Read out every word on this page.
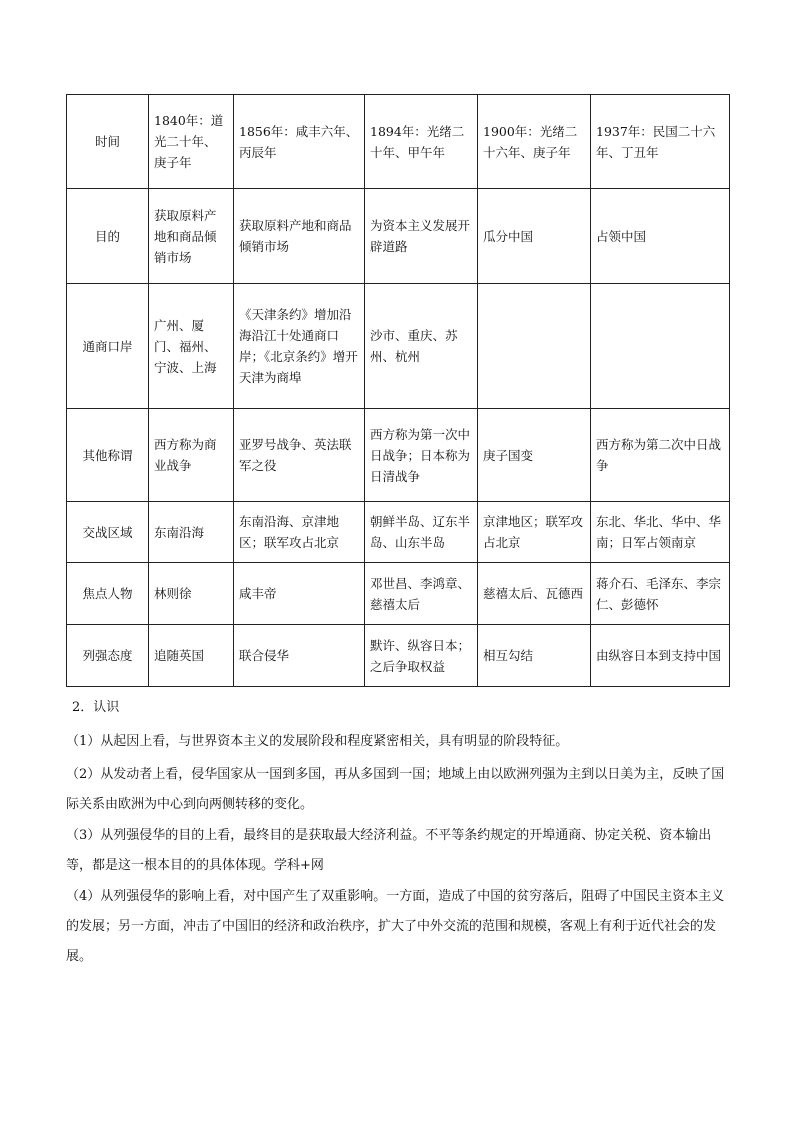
时间	1840年：道光二十年、庚子年	1856年：咸丰六年、丙辰年	1894年：光绪二十年、甲午年	1900年：光绪二十六年、庚子年	1937年：民国二十六年、丁丑年
目的	获取原料产地和商品倾销市场	获取原料产地和商品倾销市场	为资本主义发展开辟道路	瓜分中国	占领中国
通商口岸	广州、厦门、福州、宁波、上海	《天津条约》增加沿海沿江十处通商口岸；《北京条约》增开天津为商埠	沙市、重庆、苏州、杭州		
其他称谓	西方称为商业战争	亚罗号战争、英法联军之役	西方称为第一次中日战争；日本称为日清战争	庚子国变	西方称为第二次中日战争
交战区域	东南沿海	东南沿海、京津地区；联军攻占北京	朝鲜半岛、辽东半岛、山东半岛	京津地区；联军攻占北京	东北、华北、华中、华南；日军占领南京
焦点人物	林则徐	咸丰帝	邓世昌、李鸿章、慈禧太后	慈禧太后、瓦德西	蒋介石、毛泽东、李宗仁、彭德怀
列强态度	追随英国	联合侵华	默许、纵容日本；之后争取权益	相互勾结	由纵容日本到支持中国
2．认识

（1）从起因上看，与世界资本主义的发展阶段和程度紧密相关，具有明显的阶段特征。

（2）从发动者上看，侵华国家从一国到多国，再从多国到一国；地域上由以欧洲列强为主到以日美为主，反映了国际关系由欧洲为中心到向两侧转移的变化。

（3）从列强侵华的目的上看，最终目的是获取最大经济利益。不平等条约规定的开埠通商、协定关税、资本输出等，都是这一根本目的的具体体现。学科+网

（4）从列强侵华的影响上看，对中国产生了双重影响。一方面，造成了中国的贫穷落后，阻碍了中国民主资本主义的发展；另一方面，冲击了中国旧的经济和政治秩序，扩大了中外交流的范围和规模，客观上有利于近代社会的发展。
